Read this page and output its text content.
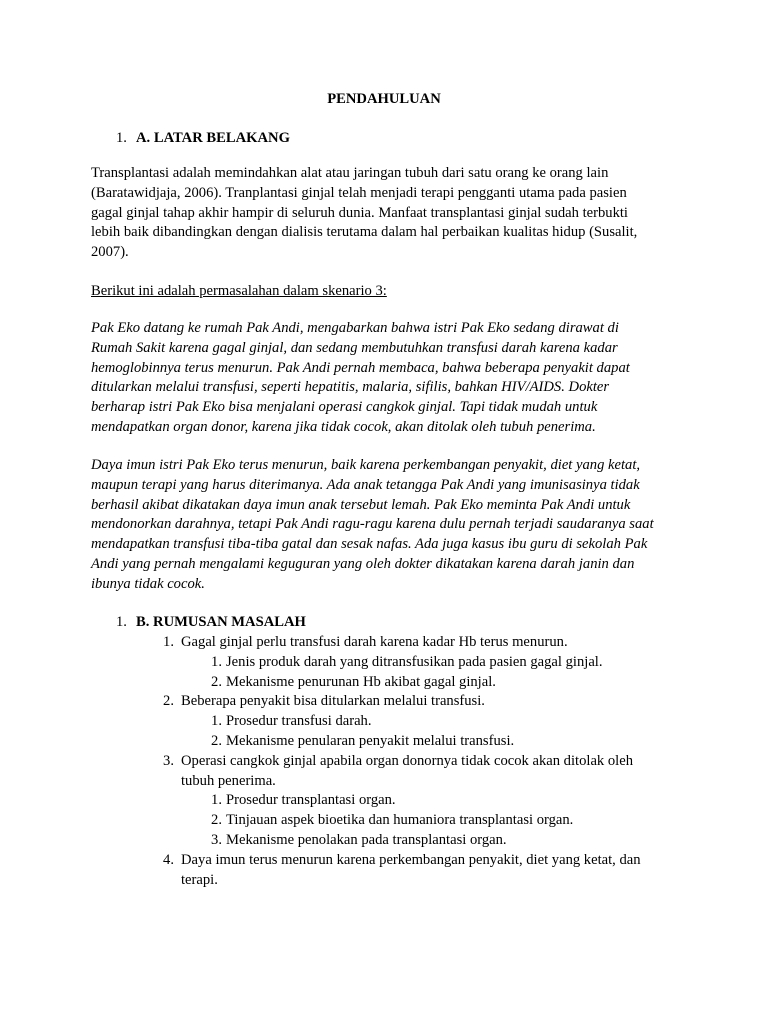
PENDAHULUAN
1. A. LATAR BELAKANG

Transplantasi adalah memindahkan alat atau jaringan tubuh dari satu orang ke orang lain
(Baratawidjaja, 2006). Tranplantasi ginjal telah menjadi terapi pengganti utama pada pasien
gagal ginjal tahap akhir hampir di seluruh dunia. Manfaat transplantasi ginjal sudah terbukti
lebih baik dibandingkan dengan dialisis terutama dalam hal perbaikan kualitas hidup (Susalit,
2007).

Berikut ini adalah permasalahan dalam skenario 3:

Pak Eko datang ke rumah Pak Andi, mengabarkan bahwa istri Pak Eko sedang dirawat di
Rumah Sakit karena gagal ginjal, dan sedang membutuhkan transfusi darah karena kadar
hemoglobinnya terus menurun. Pak Andi pernah membaca, bahwa beberapa penyakit dapat
ditularkan melalui transfusi, seperti hepatitis, malaria, sifilis, bahkan HIV/AIDS. Dokter
berharap istri Pak Eko bisa menjalani operasi cangkok ginjal. Tapi tidak mudah untuk
mendapatkan organ donor, karena jika tidak cocok, akan ditolak oleh tubuh penerima.

Daya imun istri Pak Eko terus menurun, baik karena perkembangan penyakit, diet yang ketat,
maupun terapi yang harus diterimanya. Ada anak tetangga Pak Andi yang imunisasinya tidak
berhasil akibat dikatakan daya imun anak tersebut lemah. Pak Eko meminta Pak Andi untuk
mendonorkan darahnya, tetapi Pak Andi ragu-ragu karena dulu pernah terjadi saudaranya saat
mendapatkan transfusi tiba-tiba gatal dan sesak nafas. Ada juga kasus ibu guru di sekolah Pak
Andi yang pernah mengalami keguguran yang oleh dokter dikatakan karena darah janin dan
ibunya tidak cocok.

1. B. RUMUSAN MASALAH
1. Gagal ginjal perlu transfusi darah karena kadar Hb terus menurun.
1. Jenis produk darah yang ditransfusikan pada pasien gagal ginjal.
2. Mekanisme penurunan Hb akibat gagal ginjal.
2. Beberapa penyakit bisa ditularkan melalui transfusi.
1. Prosedur transfusi darah.
2. Mekanisme penularan penyakit melalui transfusi.
3. Operasi cangkok ginjal apabila organ donornya tidak cocok akan ditolak oleh
tubuh penerima.
1. Prosedur transplantasi organ.
2. Tinjauan aspek bioetika dan humaniora transplantasi organ.
3. Mekanisme penolakan pada transplantasi organ.
4. Daya imun terus menurun karena perkembangan penyakit, diet yang ketat, dan
terapi.
